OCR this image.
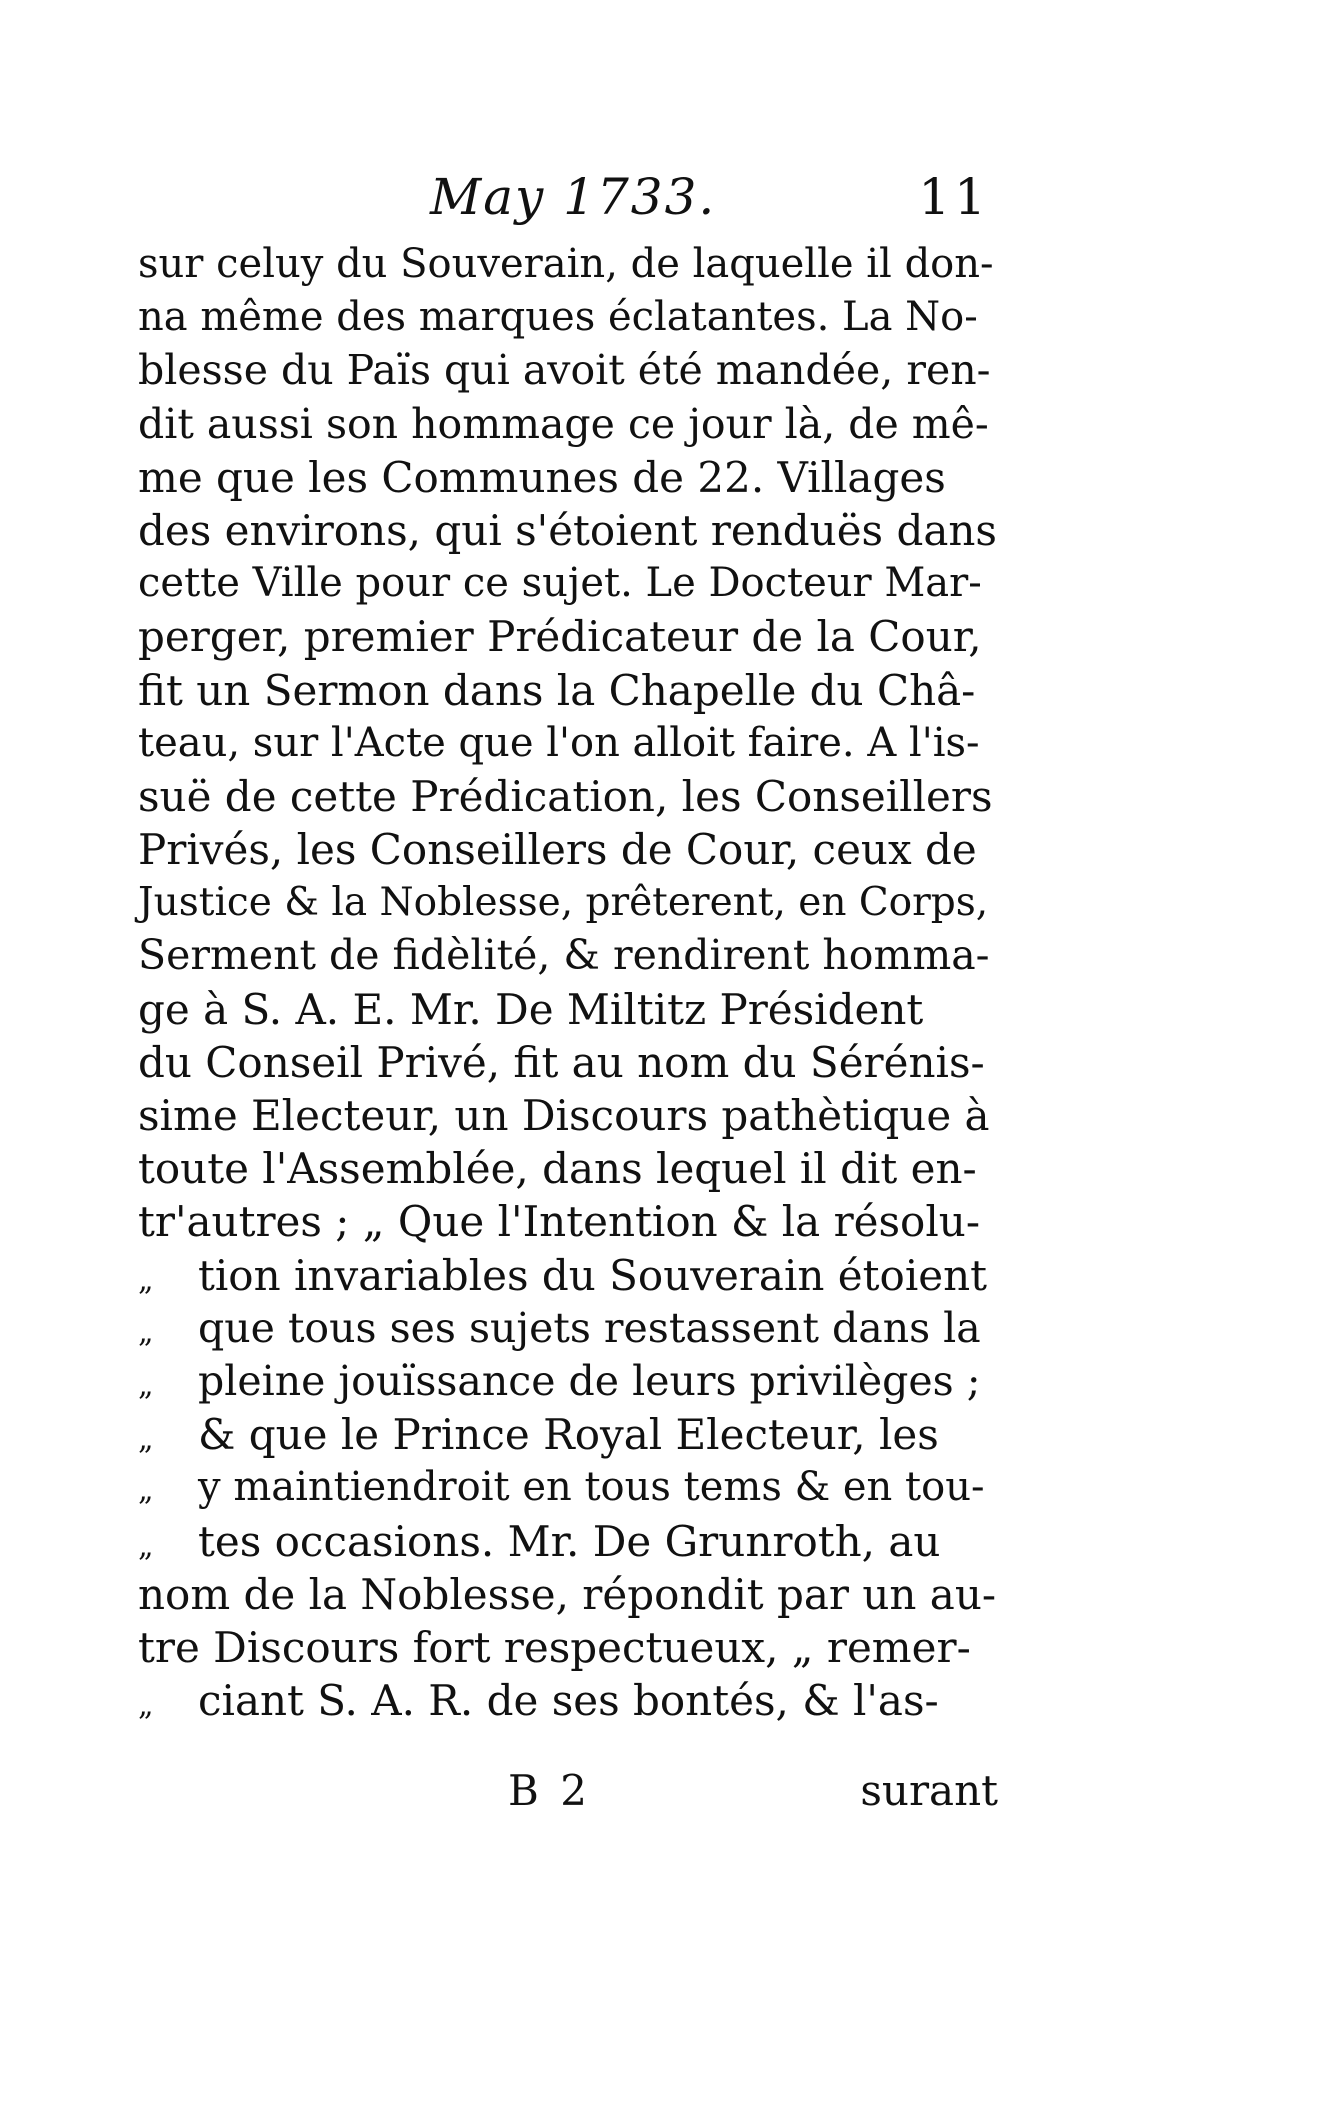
May 1733.	11
sur celuy du Souverain, de laquelle il don-
na même des marques éclatantes. La No-
blesse du Païs qui avoit été mandée, ren-
dit aussi son hommage ce jour là, de mê-
me que les Communes de 22. Villages
des environs, qui s'étoient renduës dans
cette Ville pour ce sujet. Le Docteur Mar-
perger, premier Prédicateur de la Cour,
fit un Sermon dans la Chapelle du Châ-
teau, sur l'Acte que l'on alloit faire. A l'is-
suë de cette Prédication, les Conseillers
Privés, les Conseillers de Cour, ceux de
Justice & la Noblesse, prêterent, en Corps,
Serment de fidèlité, & rendirent homma-
ge à S. A. E. Mr. De Miltitz Président
du Conseil Privé, fit au nom du Sérénis-
sime Electeur, un Discours pathètique à
toute l'Assemblée, dans lequel il dit en-
tr'autres ; „ Que l'Intention & la résolu-
„	tion invariables du Souverain étoient
„	que tous ses sujets restassent dans la
„	pleine jouïssance de leurs privilèges ;
„	& que le Prince Royal Electeur, les
„	y maintiendroit en tous tems & en tou-
„	tes occasions. Mr. De Grunroth, au
nom de la Noblesse, répondit par un au-
tre Discours fort respectueux, „ remer-
„	ciant S. A. R. de ses bontés, & l'as-
B 2	surant
